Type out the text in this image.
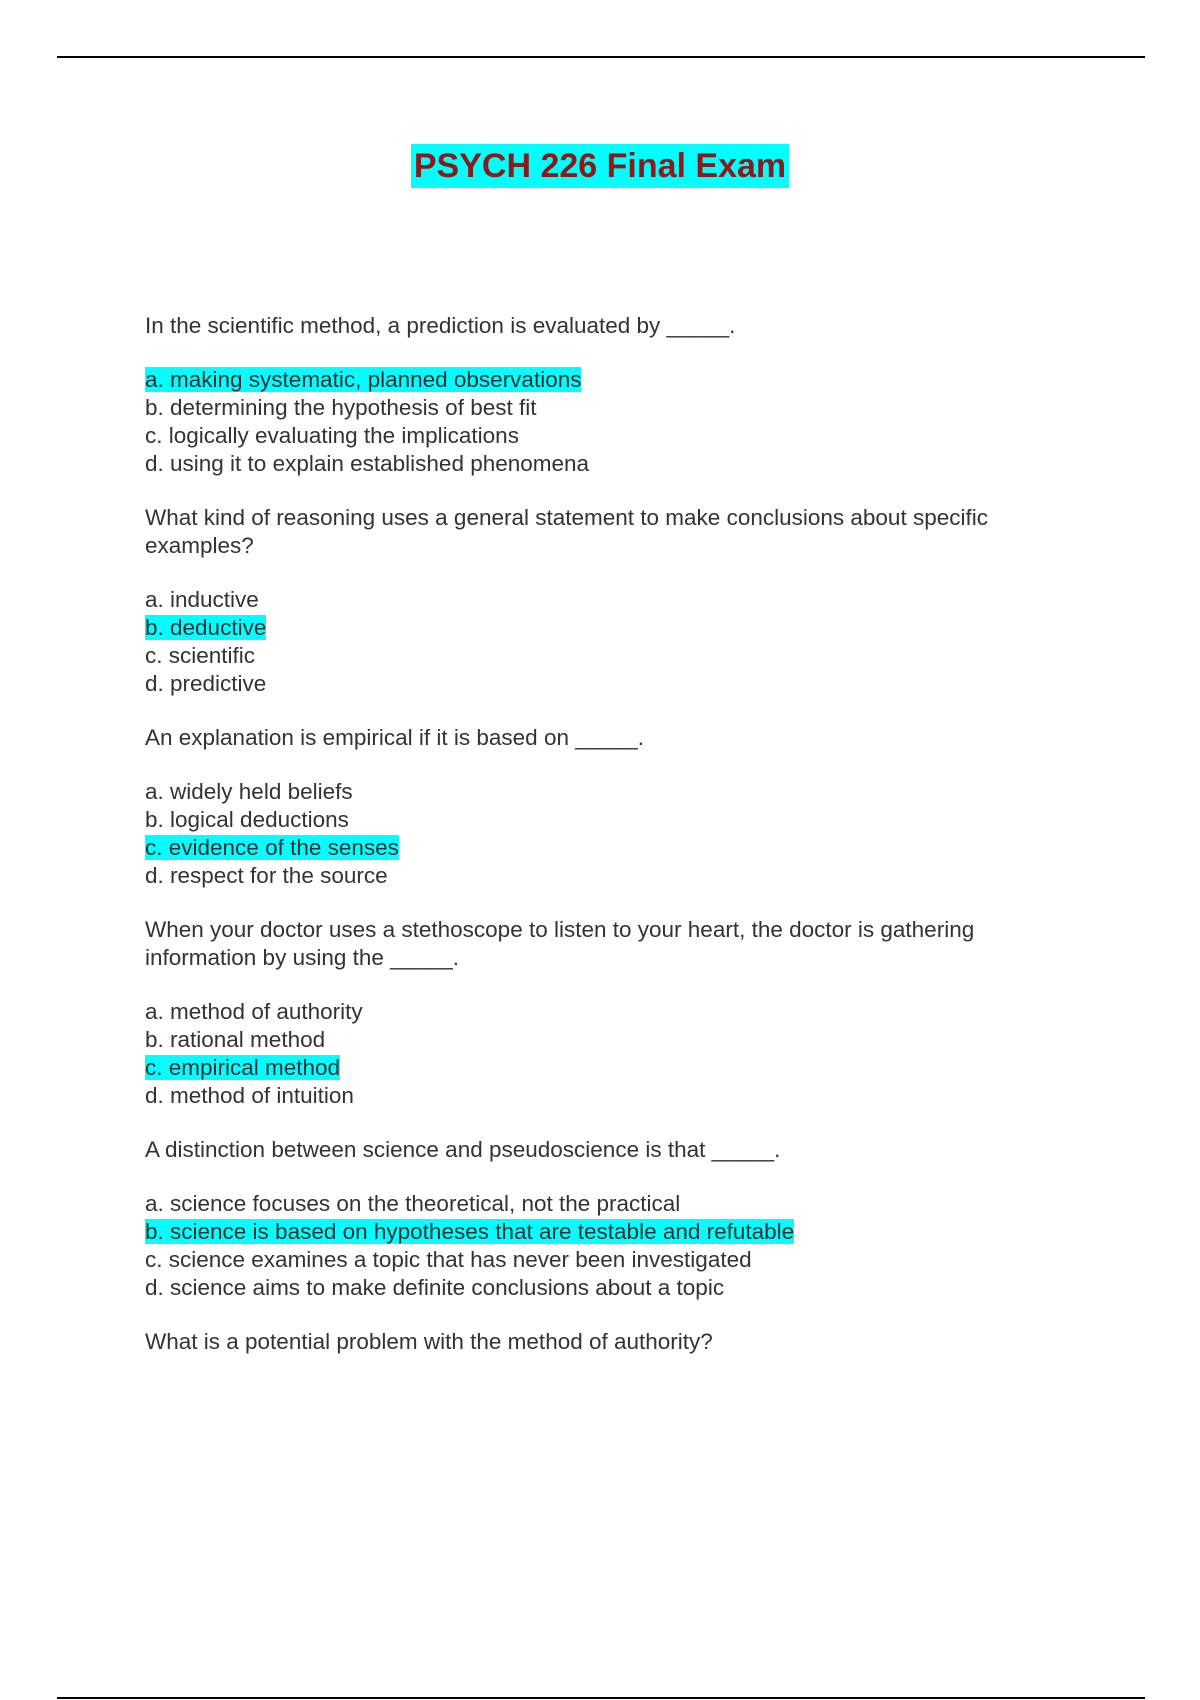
PSYCH 226 Final Exam
In the scientific method, a prediction is evaluated by _____.
a. making systematic, planned observations
b. determining the hypothesis of best fit
c. logically evaluating the implications
d. using it to explain established phenomena
What kind of reasoning uses a general statement to make conclusions about specific examples?
a. inductive
b. deductive
c. scientific
d. predictive
An explanation is empirical if it is based on _____.
a. widely held beliefs
b. logical deductions
c. evidence of the senses
d. respect for the source
When your doctor uses a stethoscope to listen to your heart, the doctor is gathering information by using the _____.
a. method of authority
b. rational method
c. empirical method
d. method of intuition
A distinction between science and pseudoscience is that _____.
a. science focuses on the theoretical, not the practical
b. science is based on hypotheses that are testable and refutable
c. science examines a topic that has never been investigated
d. science aims to make definite conclusions about a topic
What is a potential problem with the method of authority?
